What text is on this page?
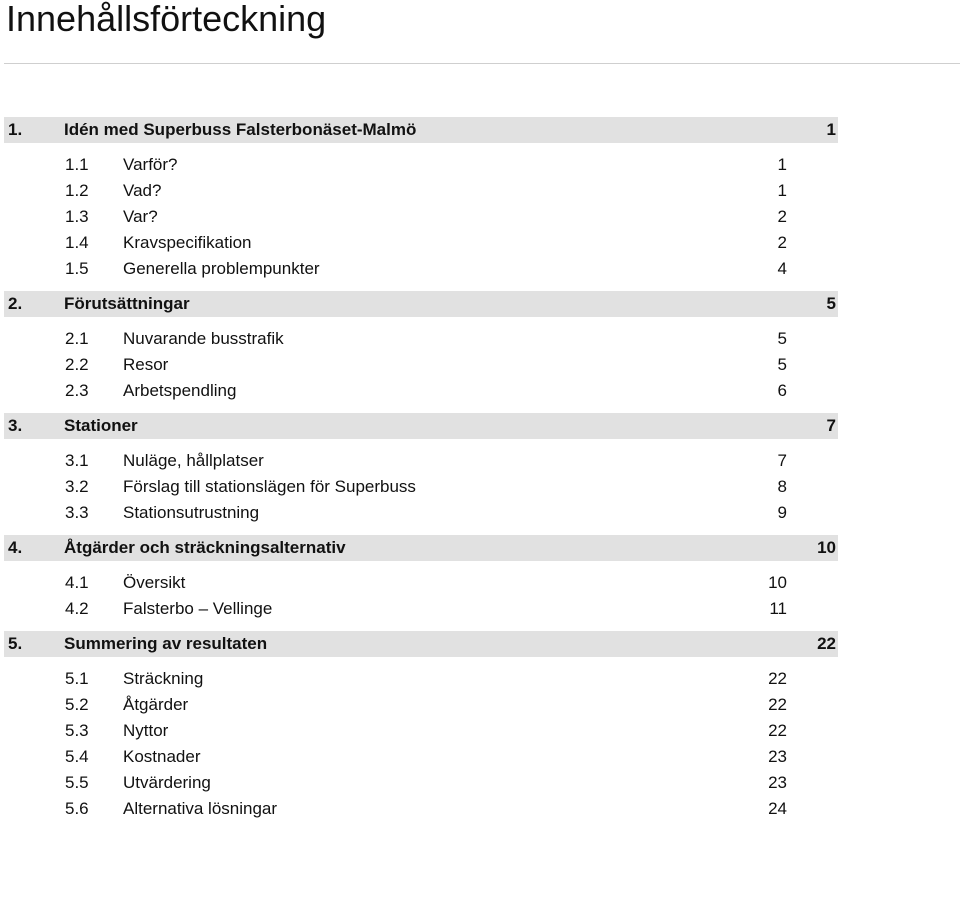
Innehållsförteckning
1. Idén med Superbuss Falsterbonäset-Malmö	1
1.1 Varför?	1
1.2 Vad?	1
1.3 Var?	2
1.4 Kravspecifikation	2
1.5 Generella problempunkter	4
2. Förutsättningar	5
2.1 Nuvarande busstrafik	5
2.2 Resor	5
2.3 Arbetspendling	6
3. Stationer	7
3.1 Nuläge, hållplatser	7
3.2 Förslag till stationslägen för Superbuss	8
3.3 Stationsutrustning	9
4. Åtgärder och sträckningsalternativ	10
4.1 Översikt	10
4.2 Falsterbo – Vellinge	11
5. Summering av resultaten	22
5.1 Sträckning	22
5.2 Åtgärder	22
5.3 Nyttor	22
5.4 Kostnader	23
5.5 Utvärdering	23
5.6 Alternativa lösningar	24
